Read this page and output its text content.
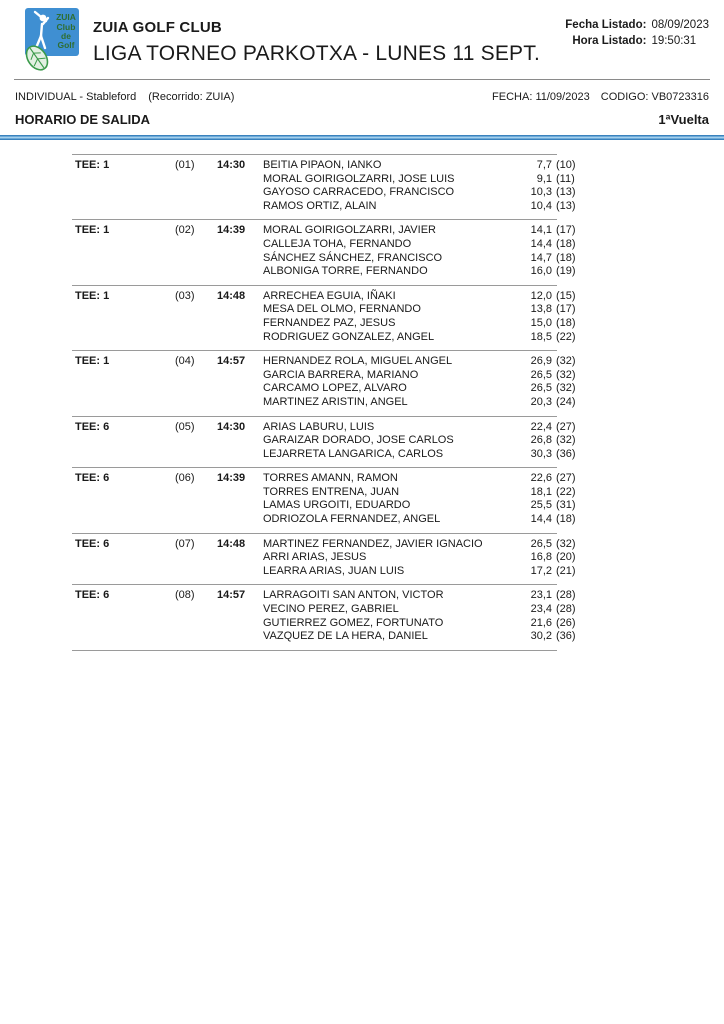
ZUIA
Club
de
Golf
ZUIA GOLF CLUB
LIGA TORNEO PARKOTXA - LUNES 11 SEPT.
Fecha Listado: 08/09/2023
Hora Listado: 19:50:31
INDIVIDUAL - Stableford (Recorrido: ZUIA)	FECHA: 11/09/2023 CODIGO: VB0723316
HORARIO DE SALIDA	1ªVuelta
TEE: 1	(01)	14:30	BEITIA PIPAON, IANKO	7,7 (10)
MORAL GOIRIGOLZARRI, JOSE LUIS	9,1 (11)
GAYOSO CARRACEDO, FRANCISCO	10,3 (13)
RAMOS ORTIZ, ALAIN	10,4 (13)
TEE: 1	(02)	14:39	MORAL GOIRIGOLZARRI, JAVIER	14,1 (17)
CALLEJA TOHA, FERNANDO	14,4 (18)
SÁNCHEZ SÁNCHEZ, FRANCISCO	14,7 (18)
ALBONIGA TORRE, FERNANDO	16,0 (19)
TEE: 1	(03)	14:48	ARRECHEA EGUIA, IÑAKI	12,0 (15)
MESA DEL OLMO, FERNANDO	13,8 (17)
FERNANDEZ PAZ, JESUS	15,0 (18)
RODRIGUEZ GONZALEZ, ANGEL	18,5 (22)
TEE: 1	(04)	14:57	HERNANDEZ ROLA, MIGUEL ANGEL	26,9 (32)
GARCIA BARRERA, MARIANO	26,5 (32)
CARCAMO LOPEZ, ALVARO	26,5 (32)
MARTINEZ ARISTIN, ANGEL	20,3 (24)
TEE: 6	(05)	14:30	ARIAS LABURU, LUIS	22,4 (27)
GARAIZAR DORADO, JOSE CARLOS	26,8 (32)
LEJARRETA LANGARICA, CARLOS	30,3 (36)
TEE: 6	(06)	14:39	TORRES AMANN, RAMON	22,6 (27)
TORRES ENTRENA, JUAN	18,1 (22)
LAMAS URGOITI, EDUARDO	25,5 (31)
ODRIOZOLA FERNANDEZ, ANGEL	14,4 (18)
TEE: 6	(07)	14:48	MARTINEZ FERNANDEZ, JAVIER IGNACIO	26,5 (32)
ARRI ARIAS, JESUS	16,8 (20)
LEARRA ARIAS, JUAN LUIS	17,2 (21)
TEE: 6	(08)	14:57	LARRAGOITI SAN ANTON, VICTOR	23,1 (28)
VECINO PEREZ, GABRIEL	23,4 (28)
GUTIERREZ GOMEZ, FORTUNATO	21,6 (26)
VAZQUEZ DE LA HERA, DANIEL	30,2 (36)
